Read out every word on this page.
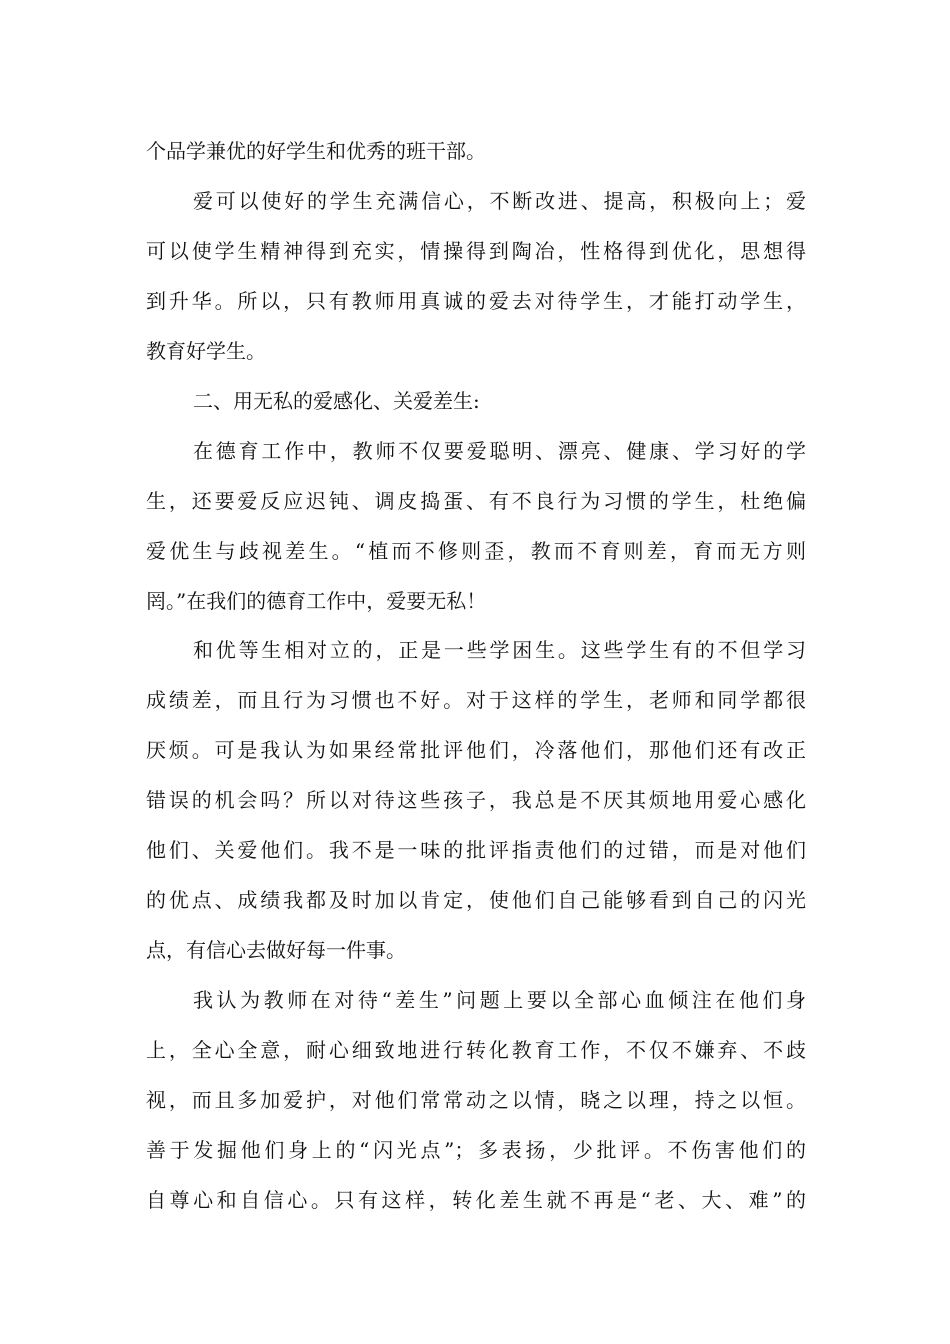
个品学兼优的好学生和优秀的班干部。
爱可以使好的学生充满信心，不断改进、提高，积极向上；爱
可以使学生精神得到充实，情操得到陶冶，性格得到优化，思想得
到升华。所以，只有教师用真诚的爱去对待学生，才能打动学生，
教育好学生。
二、用无私的爱感化、关爱差生:
在德育工作中，教师不仅要爱聪明、漂亮、健康、学习好的学
生，还要爱反应迟钝、调皮捣蛋、有不良行为习惯的学生，杜绝偏
爱优生与歧视差生。“植而不修则歪，教而不育则差，育而无方则
罔。”在我们的德育工作中，爱要无私！
和优等生相对立的，正是一些学困生。这些学生有的不但学习
成绩差，而且行为习惯也不好。对于这样的学生，老师和同学都很
厌烦。可是我认为如果经常批评他们，冷落他们，那他们还有改正
错误的机会吗？所以对待这些孩子，我总是不厌其烦地用爱心感化
他们、关爱他们。我不是一味的批评指责他们的过错，而是对他们
的优点、成绩我都及时加以肯定，使他们自己能够看到自己的闪光
点，有信心去做好每一件事。
我认为教师在对待“差生”问题上要以全部心血倾注在他们身
上，全心全意，耐心细致地进行转化教育工作，不仅不嫌弃、不歧
视，而且多加爱护，对他们常常动之以情，晓之以理，持之以恒。
善于发掘他们身上的“闪光点”；多表扬，少批评。不伤害他们的
自尊心和自信心。只有这样，转化差生就不再是“老、大、难”的
